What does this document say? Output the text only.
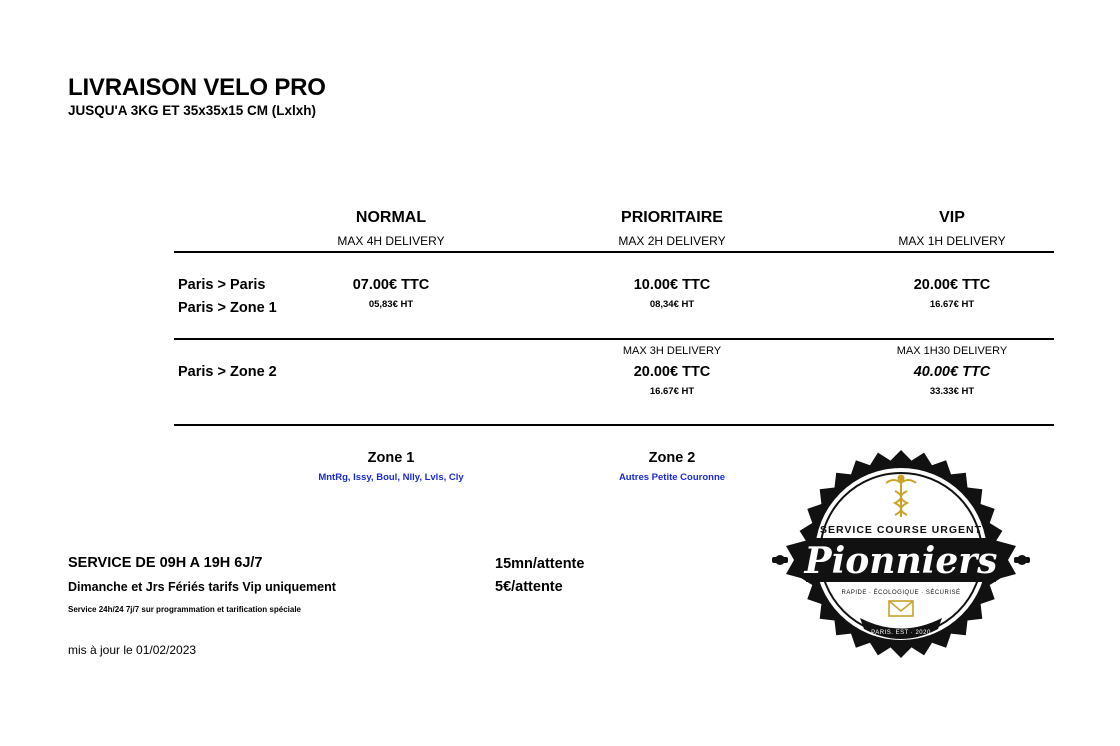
LIVRAISON VELO PRO
JUSQU'A 3KG ET 35x35x15 CM (Lxlxh)
NORMAL
MAX 4H DELIVERY
PRIORITAIRE
MAX 2H DELIVERY
VIP
MAX 1H DELIVERY
Paris > Paris
Paris > Zone 1
07.00€ TTC
05,83€ HT
10.00€ TTC
08,34€ HT
20.00€ TTC
16.67€ HT
Paris > Zone 2
MAX 3H DELIVERY
20.00€ TTC
16.67€ HT
MAX 1H30 DELIVERY
40.00€ TTC
33.33€ HT
Zone 1
MntRg, Issy, Boul, Nlly, Lvls, Cly
Zone 2
Autres Petite Couronne
SERVICE DE 09H A 19H 6J/7
Dimanche et Jrs Fériés tarifs Vip uniquement
Service 24h/24 7j/7 sur programmation et tarification spéciale
mis à jour le 01/02/2023
15mn/attente
5€/attente
SERVICE COURSE URGENT
Pionniers
RAPIDE · ÉCOLOGIQUE · SÉCURISÉ
PARIS. EST · 2020
